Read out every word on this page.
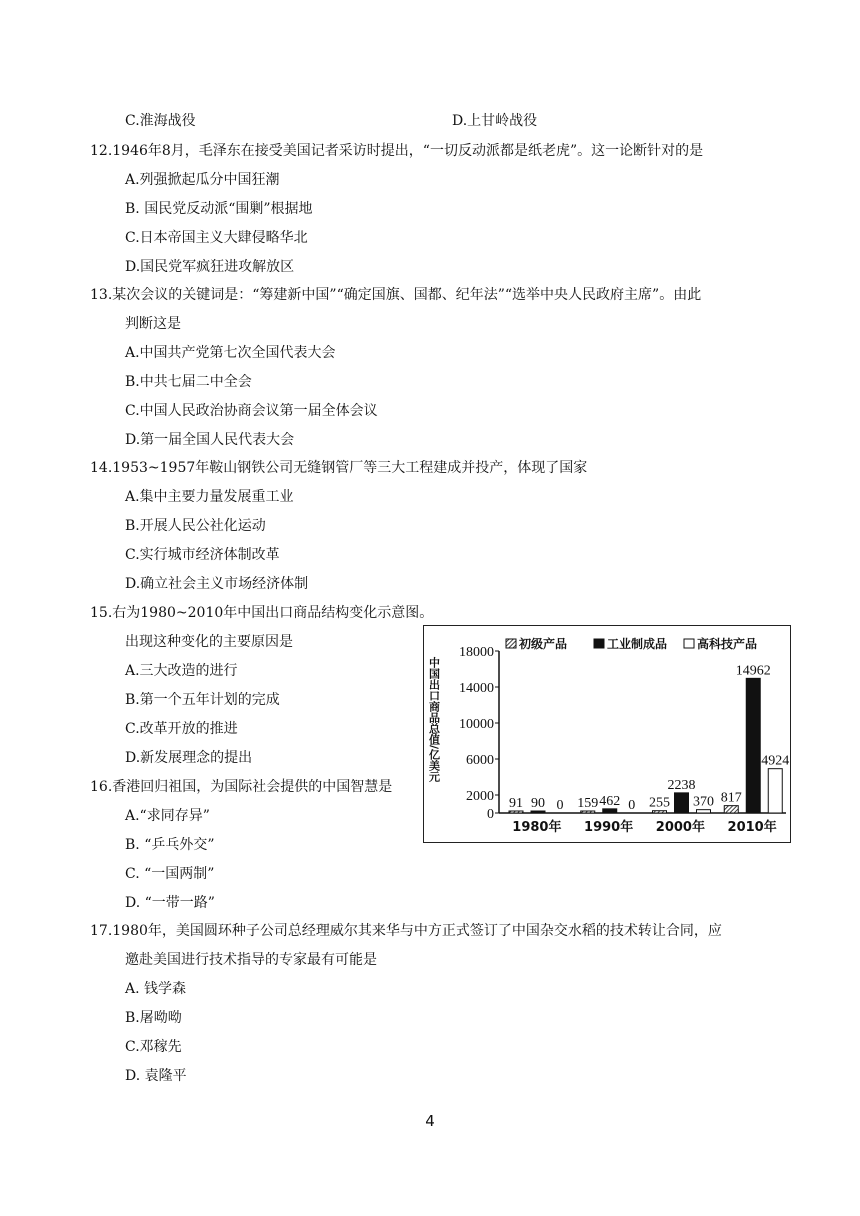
C.淮海战役	D.上甘岭战役
12.1946年8月，毛泽东在接受美国记者采访时提出，“一切反动派都是纸老虎”。这一论断针对的是
A.列强掀起瓜分中国狂潮
B. 国民党反动派“围剿”根据地
C.日本帝国主义大肆侵略华北
D.国民党军疯狂进攻解放区
13.某次会议的关键词是：“筹建新中国”“确定国旗、国都、纪年法”“选举中央人民政府主席”。由此
判断这是
A.中国共产党第七次全国代表大会
B.中共七届二中全会
C.中国人民政治协商会议第一届全体会议
D.第一届全国人民代表大会
14.1953~1957年鞍山钢铁公司无缝钢管厂等三大工程建成并投产，体现了国家
A.集中主要力量发展重工业
B.开展人民公社化运动
C.实行城市经济体制改革
D.确立社会主义市场经济体制
15.右为1980~2010年中国出口商品结构变化示意图。
出现这种变化的主要原因是
A.三大改造的进行
B.第一个五年计划的完成
C.改革开放的推进
D.新发展理念的提出
16.香港回归祖国，为国际社会提供的中国智慧是
A.“求同存异”
B. “乒乓外交”
C. “一国两制”
D. “一带一路”
17.1980年，美国圆环种子公司总经理威尔其来华与中方正式签订了中国杂交水稻的技术转让合同，应
邀赴美国进行技术指导的专家最有可能是
A. 钱学森
B.屠呦呦
C.邓稼先
D. 袁隆平
18000
14000
10000
6000
2000
0
中国出口商品总值/亿美元
初级产品	工业制成品 高科技产品
91 90 0
1980年
159 462 0
1990年
255
2238
370
2000年
817
14962
4924
2010年
4
